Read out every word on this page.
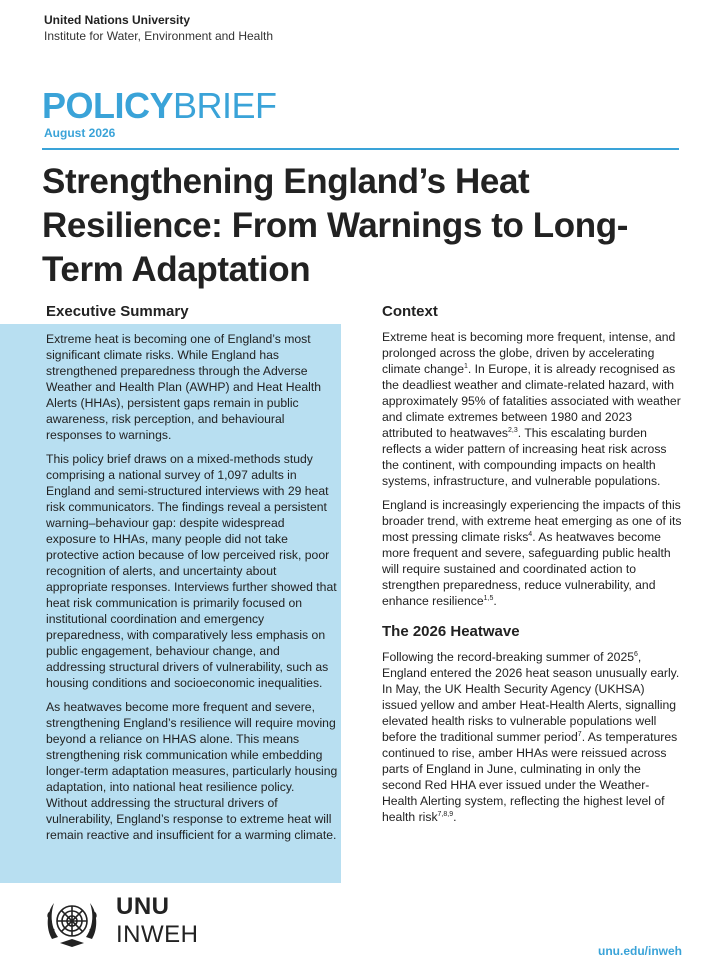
United Nations University
Institute for Water, Environment and Health
POLICYBRIEF
August 2026
Strengthening England’s Heat Resilience: From Warnings to Long-Term Adaptation
Executive Summary

Extreme heat is becoming one of England’s most significant climate risks. While England has strengthened preparedness through the Adverse Weather and Health Plan (AWHP) and Heat Health Alerts (HHAs), persistent gaps remain in public awareness, risk perception, and behavioural responses to warnings.

This policy brief draws on a mixed-methods study comprising a national survey of 1,097 adults in England and semi-structured interviews with 29 heat risk communicators. The findings reveal a persistent warning–behaviour gap: despite widespread exposure to HHAs, many people did not take protective action because of low perceived risk, poor recognition of alerts, and uncertainty about appropriate responses. Interviews further showed that heat risk communication is primarily focused on institutional coordination and emergency preparedness, with comparatively less emphasis on public engagement, behaviour change, and addressing structural drivers of vulnerability, such as housing conditions and socioeconomic inequalities.

As heatwaves become more frequent and severe, strengthening England’s resilience will require moving beyond a reliance on HHAS alone. This means strengthening risk communication while embedding longer-term adaptation measures, particularly housing adaptation, into national heat resilience policy. Without addressing the structural drivers of vulnerability, England’s response to extreme heat will remain reactive and insufficient for a warming climate.

Context

Extreme heat is becoming more frequent, intense, and prolonged across the globe, driven by accelerating climate change$^1$. In Europe, it is already recognised as the deadliest weather and climate-related hazard, with approximately 95% of fatalities associated with weather and climate extremes between 1980 and 2023 attributed to heatwaves$^{2,3}$. This escalating burden reflects a wider pattern of increasing heat risk across the continent, with compounding impacts on health systems, infrastructure, and vulnerable populations.

England is increasingly experiencing the impacts of this broader trend, with extreme heat emerging as one of its most pressing climate risks$^4$. As heatwaves become more frequent and severe, safeguarding public health will require sustained and coordinated action to strengthen preparedness, reduce vulnerability, and enhance resilience$^{1,5}$.

The 2026 Heatwave

Following the record-breaking summer of 2025$^6$, England entered the 2026 heat season unusually early. In May, the UK Health Security Agency (UKHSA) issued yellow and amber Heat-Health Alerts, signalling elevated health risks to vulnerable populations well before the traditional summer period$^7$. As temperatures continued to rise, amber HHAs were reissued across parts of England in June, culminating in only the second Red HHA ever issued under the Weather-Health Alerting system, reflecting the highest level of health risk$^{7,8,9}$.

UNU
INWEH
unu.edu/inweh
